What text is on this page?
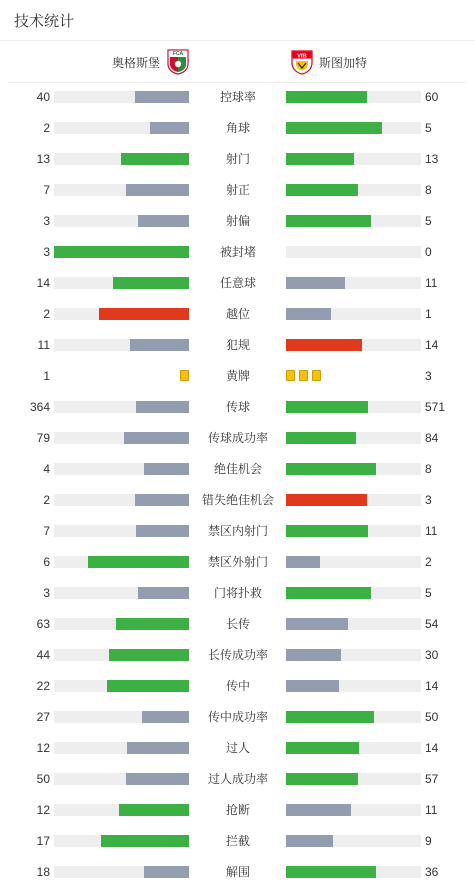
技术统计
奥格斯堡
FCA	VfB 斯图加特
40	控球率	60
2	角球	5
13	射门	13
7	射正	8
3	射偏	5
3	被封堵	0
14	任意球	11
2	越位	1
11	犯规	14
1	黄牌	3
364	传球	571
79	传球成功率	84
4	绝佳机会	8
2	错失绝佳机会	3
7	禁区内射门	11
6	禁区外射门	2
3	门将扑救	5
63	长传	54
44	长传成功率	30
22	传中	14
27	传中成功率	50
12	过人	14
50	过人成功率	57
12	抢断	11
17	拦截	9
18	解围	36
